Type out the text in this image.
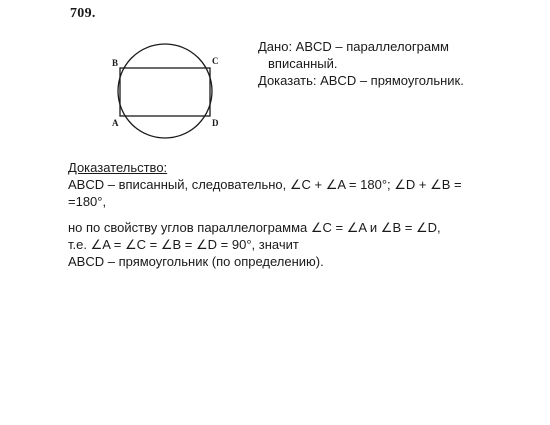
709.
B	C
A	D
Дано: ABCD – параллелограмм
вписанный.
Доказать: ABCD – прямоугольник.
Доказательство:
ABCD – вписанный, следовательно, ∠C + ∠A = 180°; ∠D + ∠B =
=180°,
но по свойству углов параллелограмма ∠C = ∠A и ∠B = ∠D,
т.е. ∠A = ∠C = ∠B = ∠D = 90°, значит
ABCD – прямоугольник (по определению).
